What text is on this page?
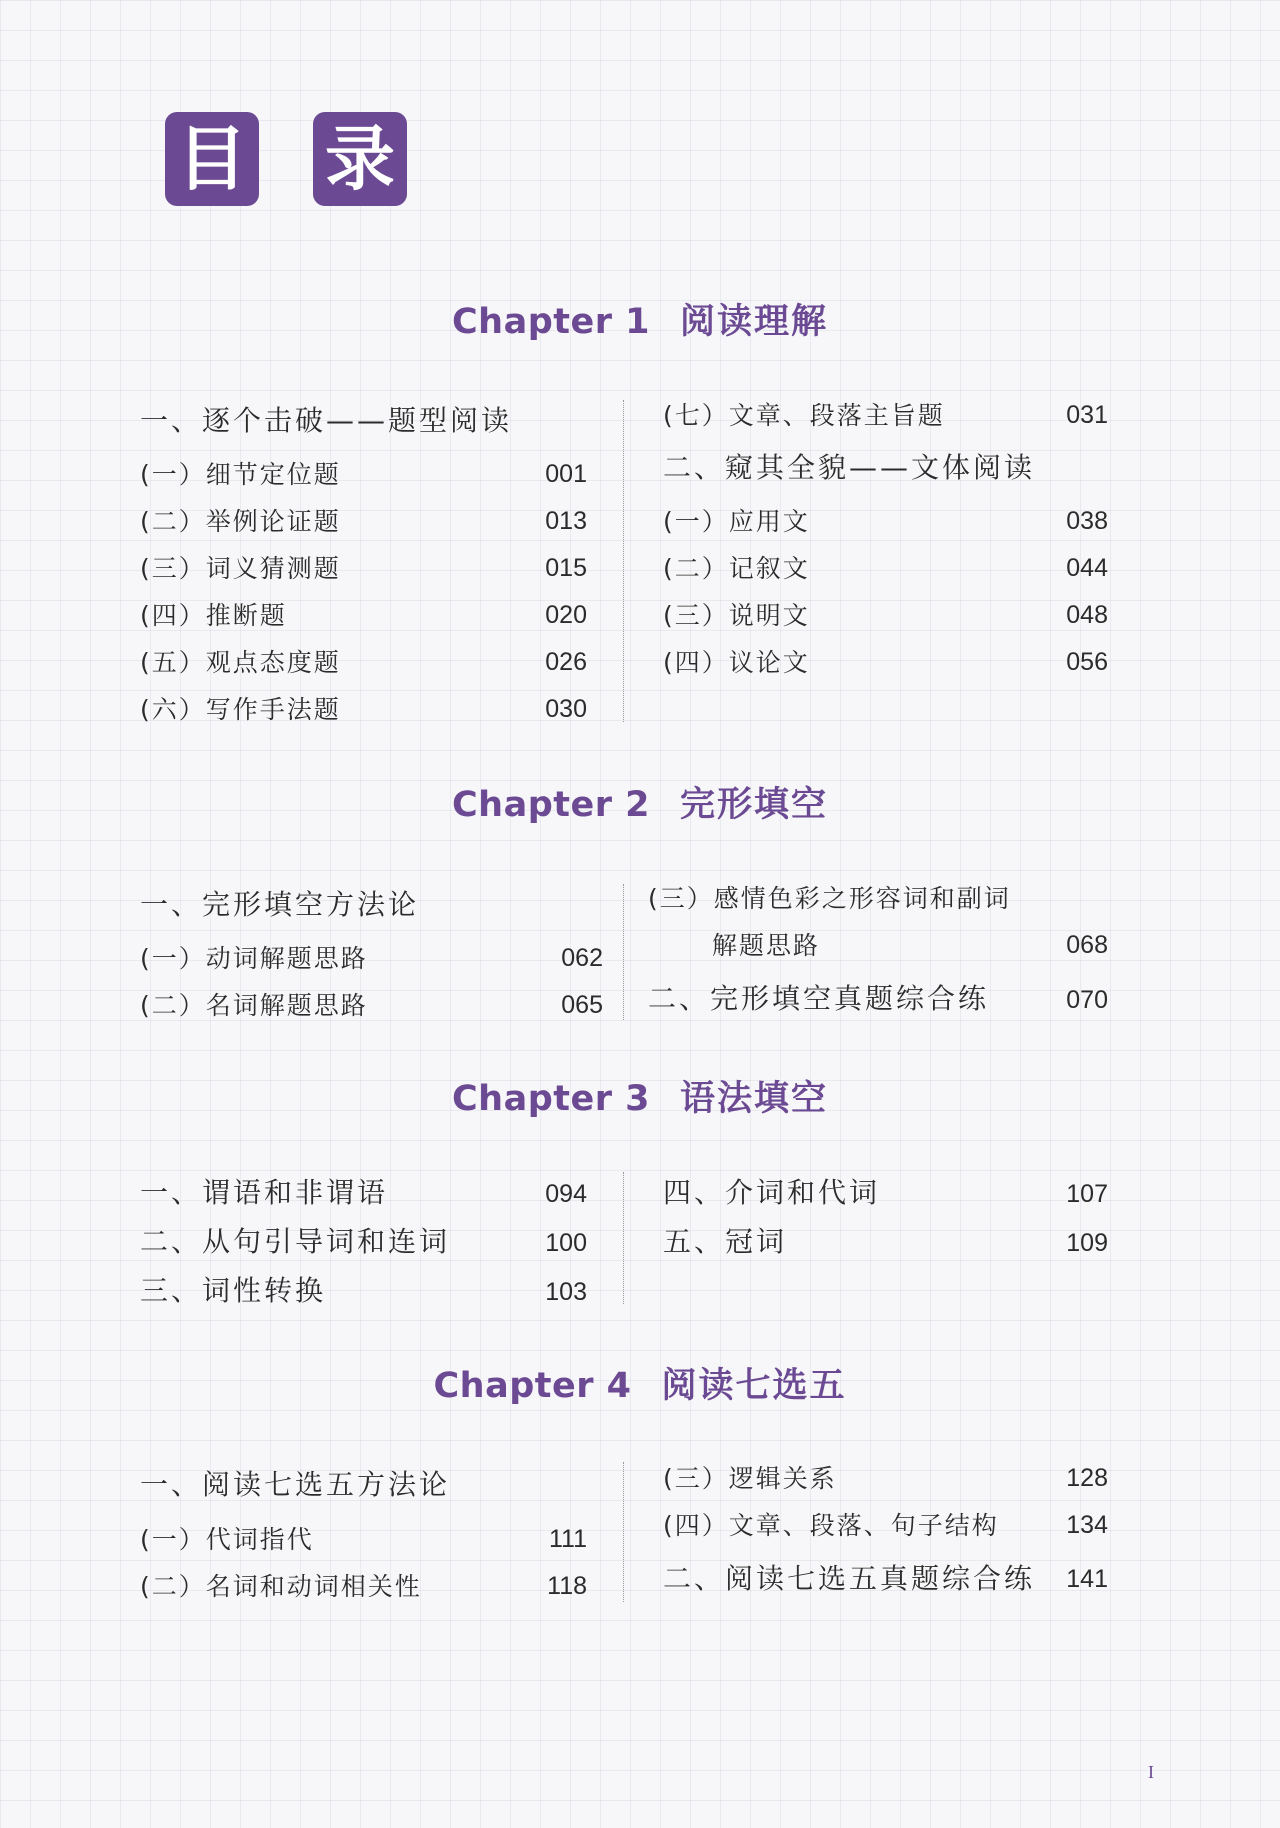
目 录
Chapter 1 阅读理解
一、逐个击破——题型阅读
(一）细节定位题	001
(二）举例论证题	013
(三）词义猜测题	015
(四）推断题	020
(五）观点态度题	026
(六）写作手法题	030
(七）文章、段落主旨题	031
二、窥其全貌——文体阅读
(一）应用文	038
(二）记叙文	044
(三）说明文	048
(四）议论文	056
Chapter 2 完形填空
一、完形填空方法论
(一）动词解题思路	062
(二）名词解题思路	065
(三）感情色彩之形容词和副词
解题思路	068
二、完形填空真题综合练	070
Chapter 3 语法填空
一、谓语和非谓语	094
二、从句引导词和连词	100
三、词性转换	103
四、介词和代词	107
五、冠词	109
Chapter 4 阅读七选五
一、阅读七选五方法论
(一）代词指代	111
(二）名词和动词相关性	118
(三）逻辑关系	128
(四）文章、段落、句子结构	134
二、阅读七选五真题综合练	141
I
